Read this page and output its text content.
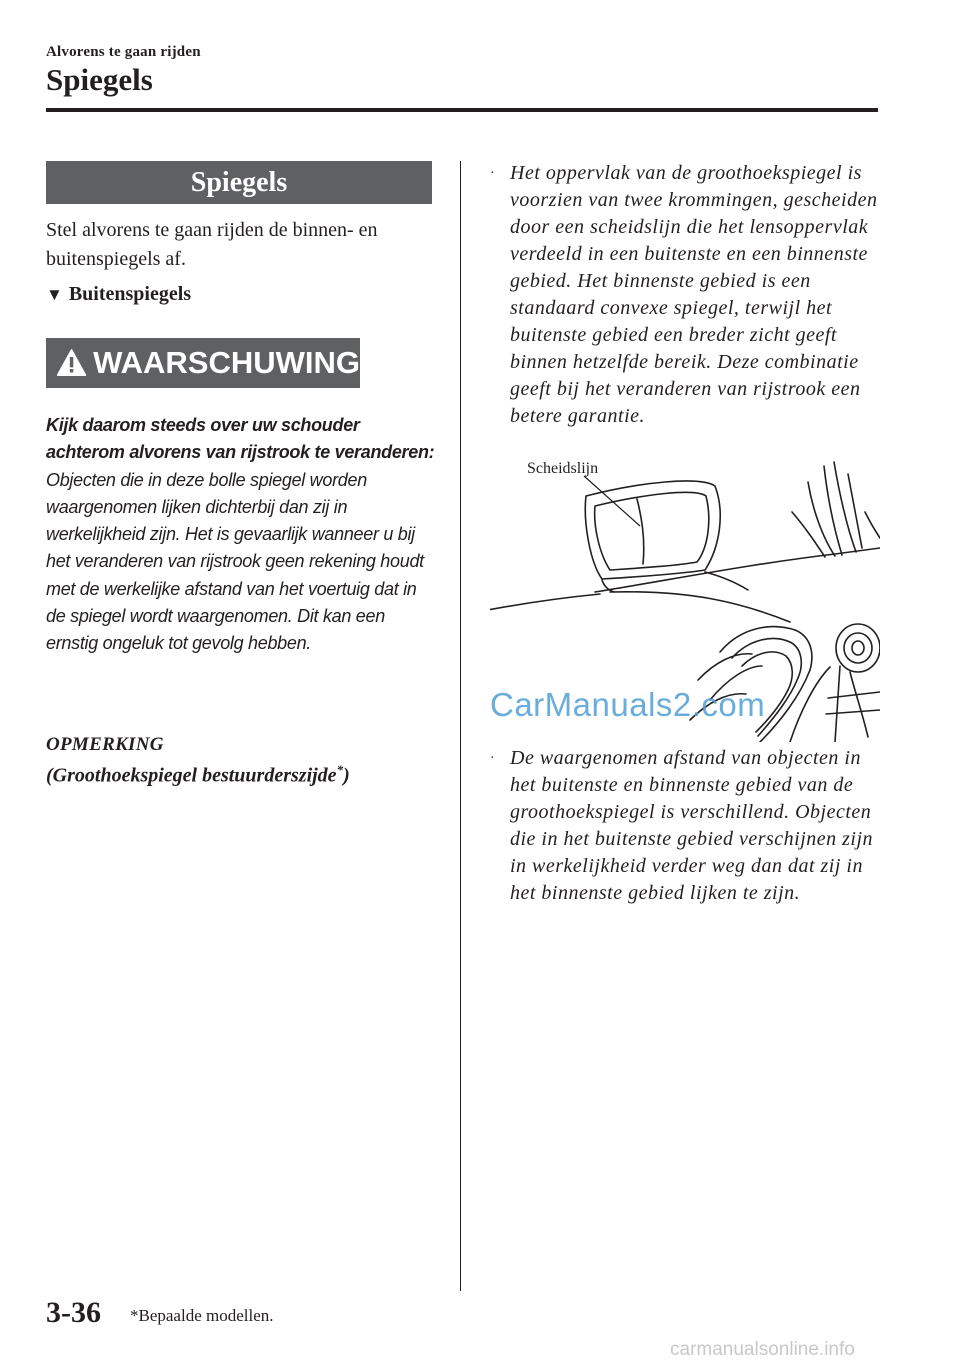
Alvorens te gaan rijden
Spiegels
Spiegels
Stel alvorens te gaan rijden de binnen- en buitenspiegels af.
▼ Buitenspiegels
WAARSCHUWING
Kijk daarom steeds over uw schouder achterom alvorens van rijstrook te veranderen:
Objecten die in deze bolle spiegel worden waargenomen lijken dichterbij dan zij in werkelijkheid zijn. Het is gevaarlijk wanneer u bij het veranderen van rijstrook geen rekening houdt met de werkelijke afstand van het voertuig dat in de spiegel wordt waargenomen. Dit kan een ernstig ongeluk tot gevolg hebben.
OPMERKING
(Groothoekspiegel bestuurderszijde*)
· Het oppervlak van de groothoekspiegel is voorzien van twee krommingen, gescheiden door een scheidslijn die het lensoppervlak verdeeld in een buitenste en een binnenste gebied. Het binnenste gebied is een standaard convexe spiegel, terwijl het buitenste gebied een breder zicht geeft binnen hetzelfde bereik. Deze combinatie geeft bij het veranderen van rijstrook een betere garantie.
Scheidslijn
CarManuals2.com
· De waargenomen afstand van objecten in het buitenste en binnenste gebied van de groothoekspiegel is verschillend. Objecten die in het buitenste gebied verschijnen zijn in werkelijkheid verder weg dan dat zij in het binnenste gebied lijken te zijn.
3-36 *Bepaalde modellen.
carmanualsonline.info
